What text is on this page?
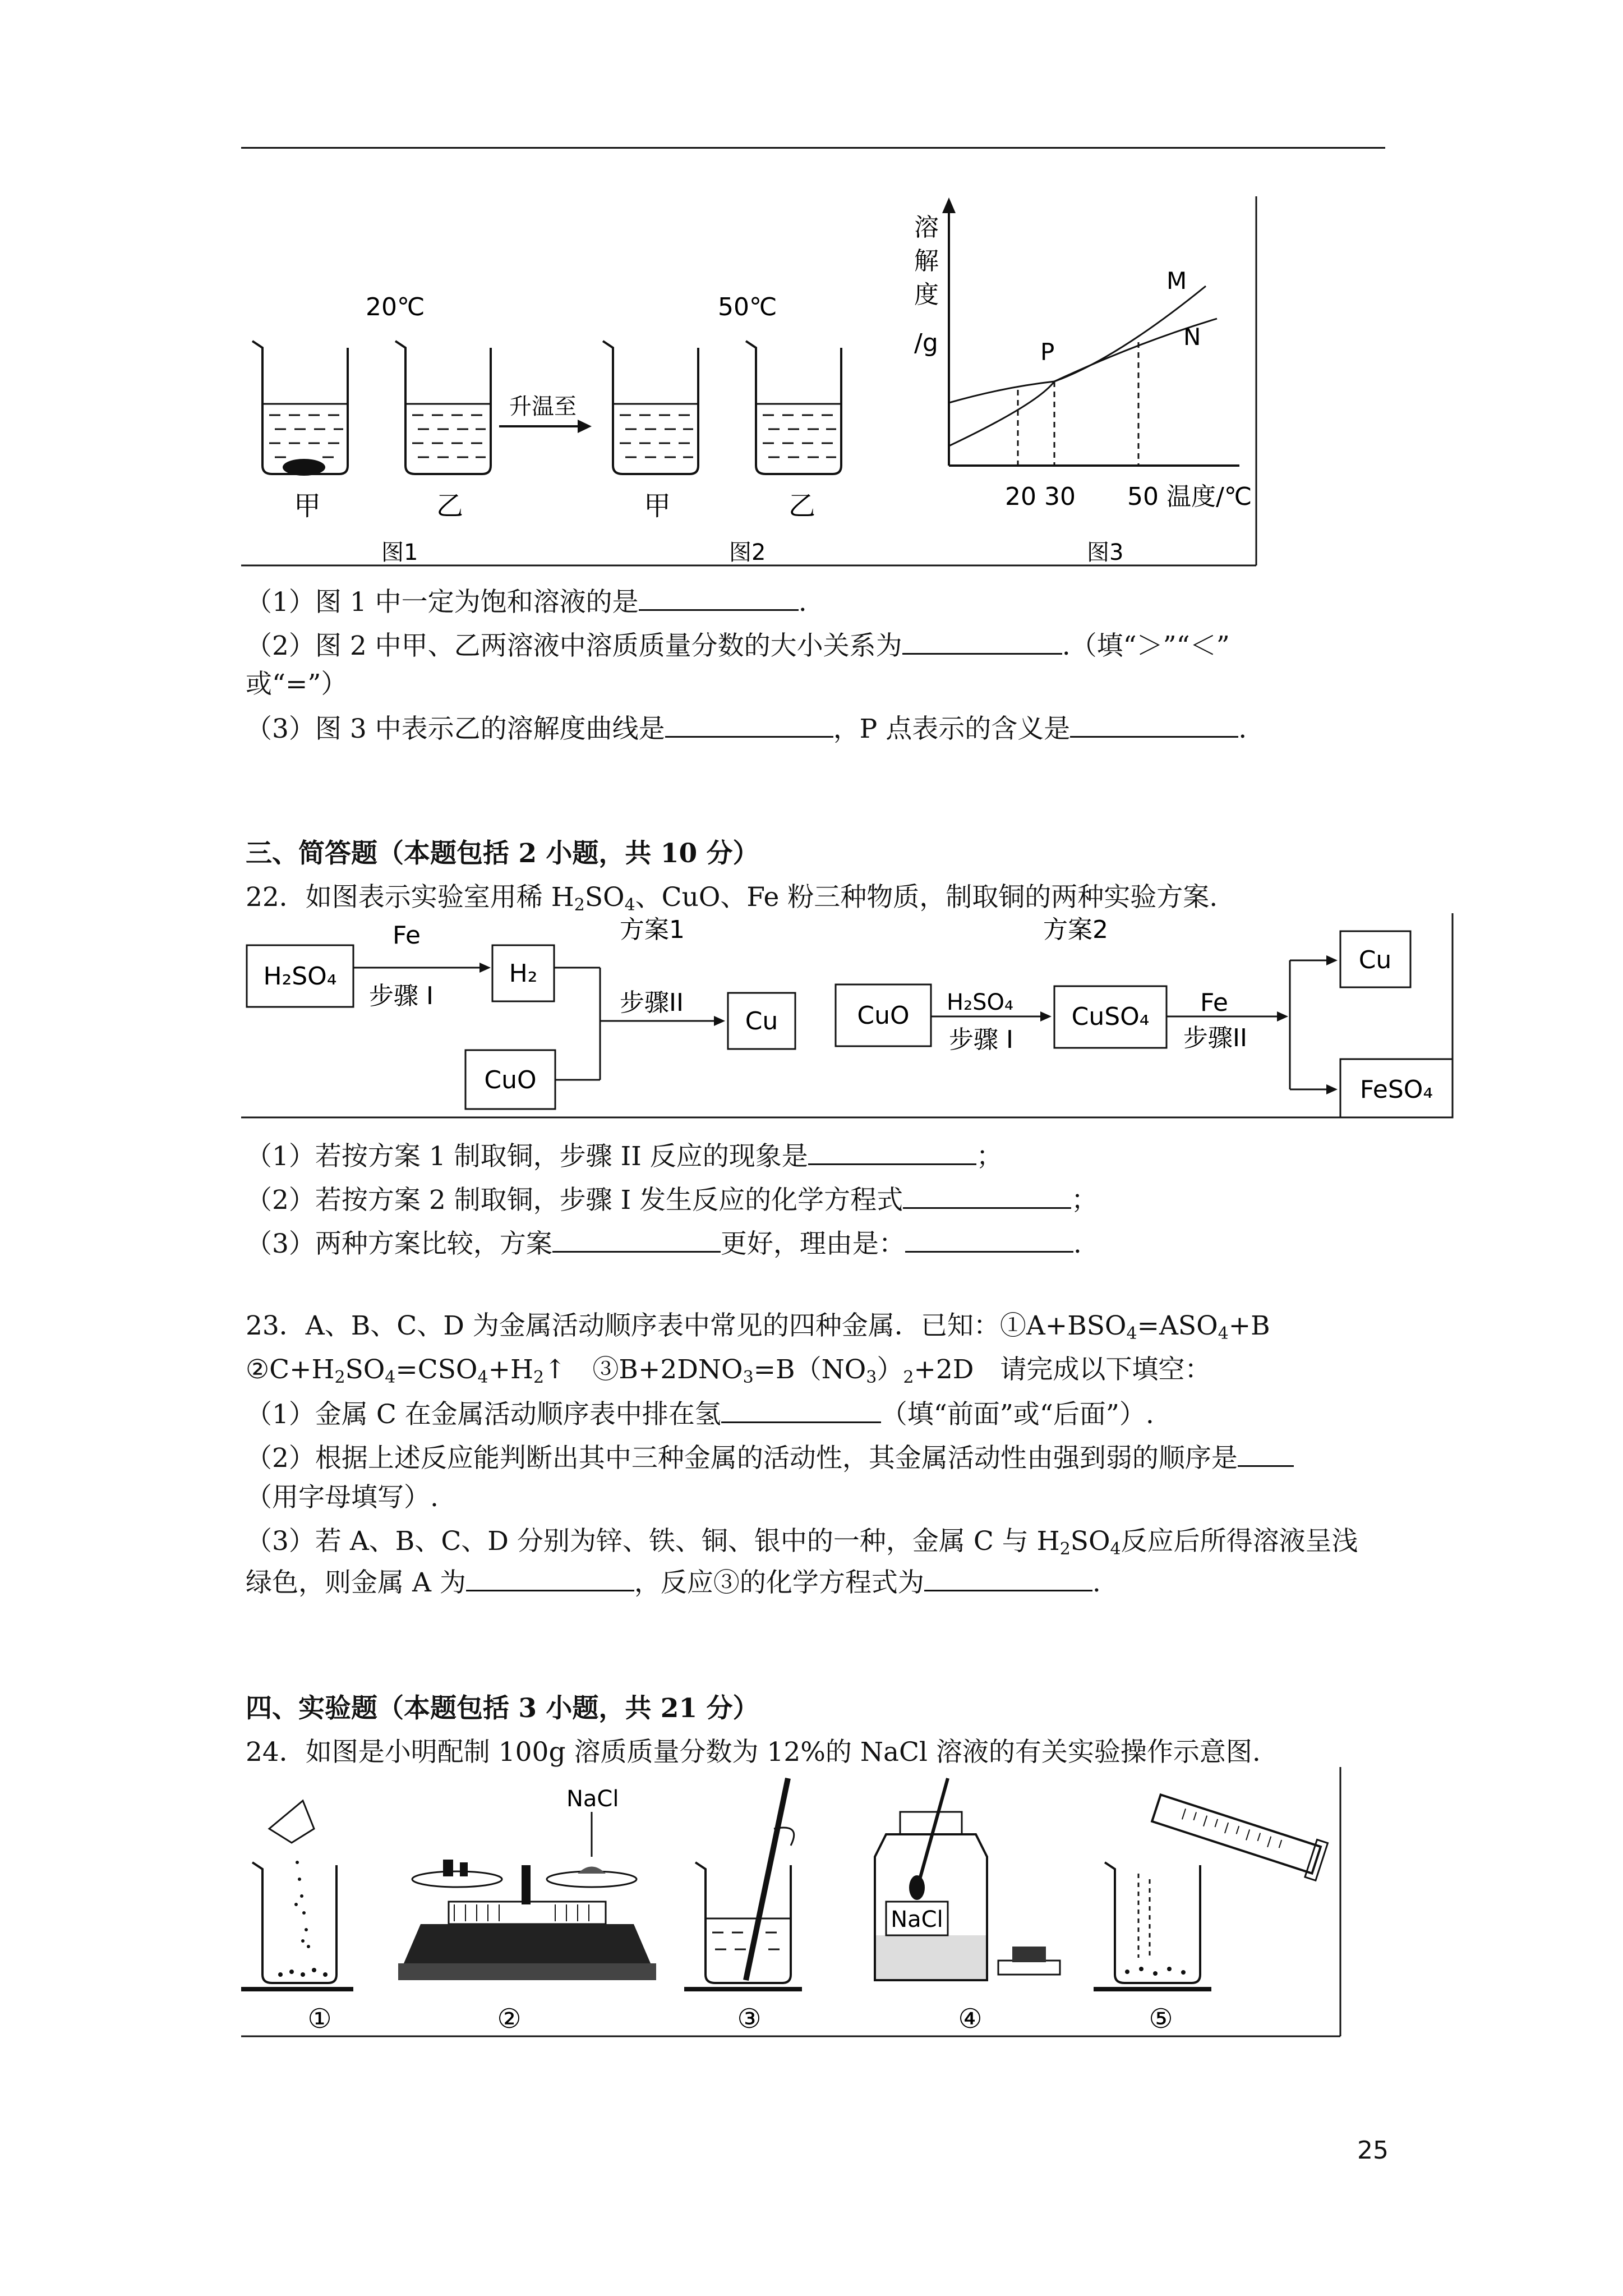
20℃	50℃
升温至
甲	乙	甲	乙
图1	图2	图3
溶
解
度
/g	P
M
N
20 30 50 温度/℃
（1）图 1 中一定为饱和溶液的是	.
（2）图 2 中甲、乙两溶液中溶质质量分数的大小关系为	.（填“＞”“＜”
或“=”）
（3）图 3 中表示乙的溶解度曲线是	，P 点表示的含义是	.
三、简答题（本题包括 2 小题，共 10 分）
22．如图表示实验室用稀 $H_2SO_4$、CuO、Fe 粉三种物质，制取铜的两种实验方案.
H₂SO₄
Fe
步骤 I
H₂
方案1
步骤II
Cu
CuO
CuO H₂SO₄
步骤 I
CuSO₄
方案2
Fe
步骤II
Cu
FeSO₄
（1）若按方案 1 制取铜，步骤 II 反应的现象是	；
（2）若按方案 2 制取铜，步骤 I 发生反应的化学方程式	；
（3）两种方案比较，方案	更好，理由是：	.
23．A、B、C、D 为金属活动顺序表中常见的四种金属．已知：$①A+BSO_4=ASO_4+B$
$②C+H_2SO_4=CSO_4+H_2↑$　$③B+2DNO_3=B(NO_3)_2+2D$　请完成以下填空：
（1）金属 C 在金属活动顺序表中排在氢	（填“前面”或“后面”）.
（2）根据上述反应能判断出其中三种金属的活动性，其金属活动性由强到弱的顺序是
（用字母填写）.
（3）若 A、B、C、D 分别为锌、铁、铜、银中的一种，金属 C 与 $H_2SO_4$反应后所得溶液呈浅
绿色，则金属 A 为	，反应③的化学方程式为	.
四、实验题（本题包括 3 小题，共 21 分）
24．如图是小明配制 100g 溶质质量分数为 12%的 NaCl 溶液的有关实验操作示意图.
①
NaCl
②	③
NaCl
④	⑤
25
